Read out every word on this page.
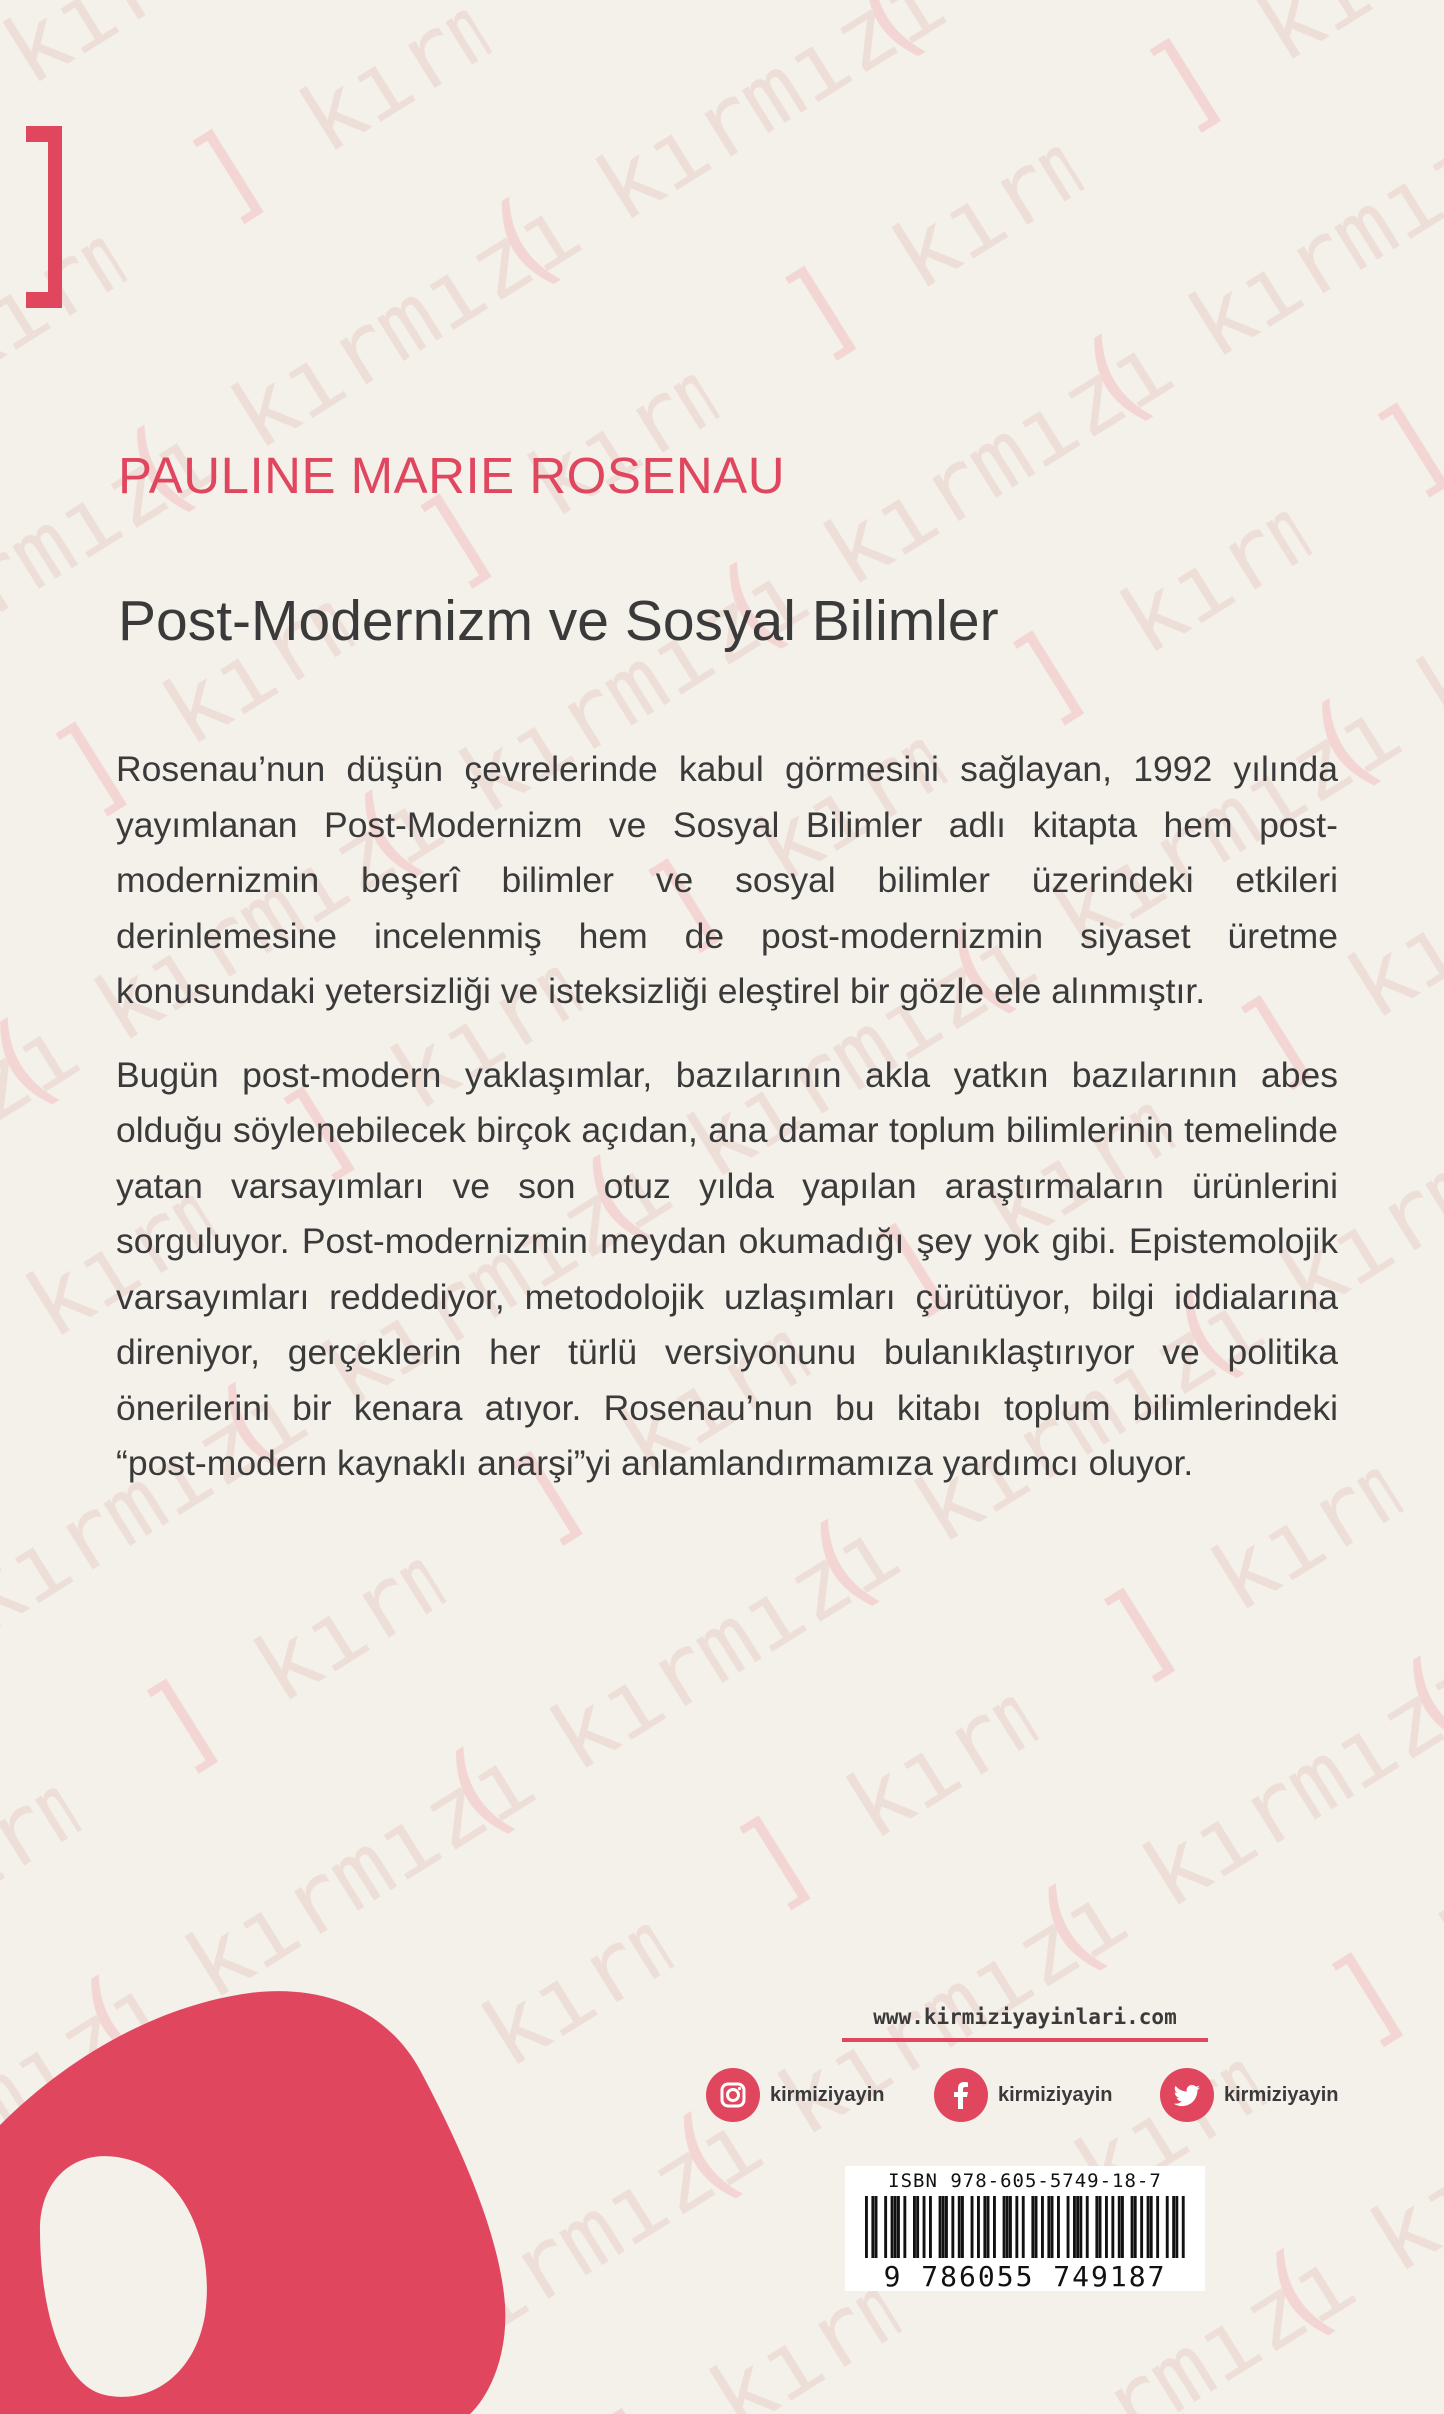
PAULINE MARIE ROSENAU
Post-Modernizm ve Sosyal Bilimler

Rosenau’nun düşün çevrelerinde kabul görmesini sağlayan, 1992 yılında yayımlanan Post-Modernizm ve Sosyal Bilimler adlı kitapta hem post-modernizmin beşerî bilimler ve sosyal bilimler üzerindeki etkileri derinlemesine incelenmiş hem de post-modernizmin siyaset üretme konusundaki yetersizliği ve isteksizliği eleştirel bir gözle ele alınmıştır.

Bugün post-modern yaklaşımlar, bazılarının akla yatkın bazılarının abes olduğu söylenebilecek birçok açıdan, ana damar toplum bilimlerinin temelinde yatan varsayımları ve son otuz yılda yapılan araştırmaların ürünlerini sorguluyor. Post-modernizmin meydan okumadığı şey yok gibi. Epistemolojik varsayımları reddediyor, metodolojik uzlaşımları çürütüyor, bilgi iddialarına direniyor, gerçeklerin her türlü versiyonunu bulanıklaştırıyor ve politika önerilerini bir kenara atıyor. Rosenau’nun bu kitabı toplum bilimlerindeki “post-modern kaynaklı anarşi”yi anlamlandırmamıza yardımcı oluyor.

www.kirmiziyayinlari.com
kirmiziyayin	kirmiziyayin	kirmiziyayin
ISBN 978-605-5749-18-7
9 786055 749187
